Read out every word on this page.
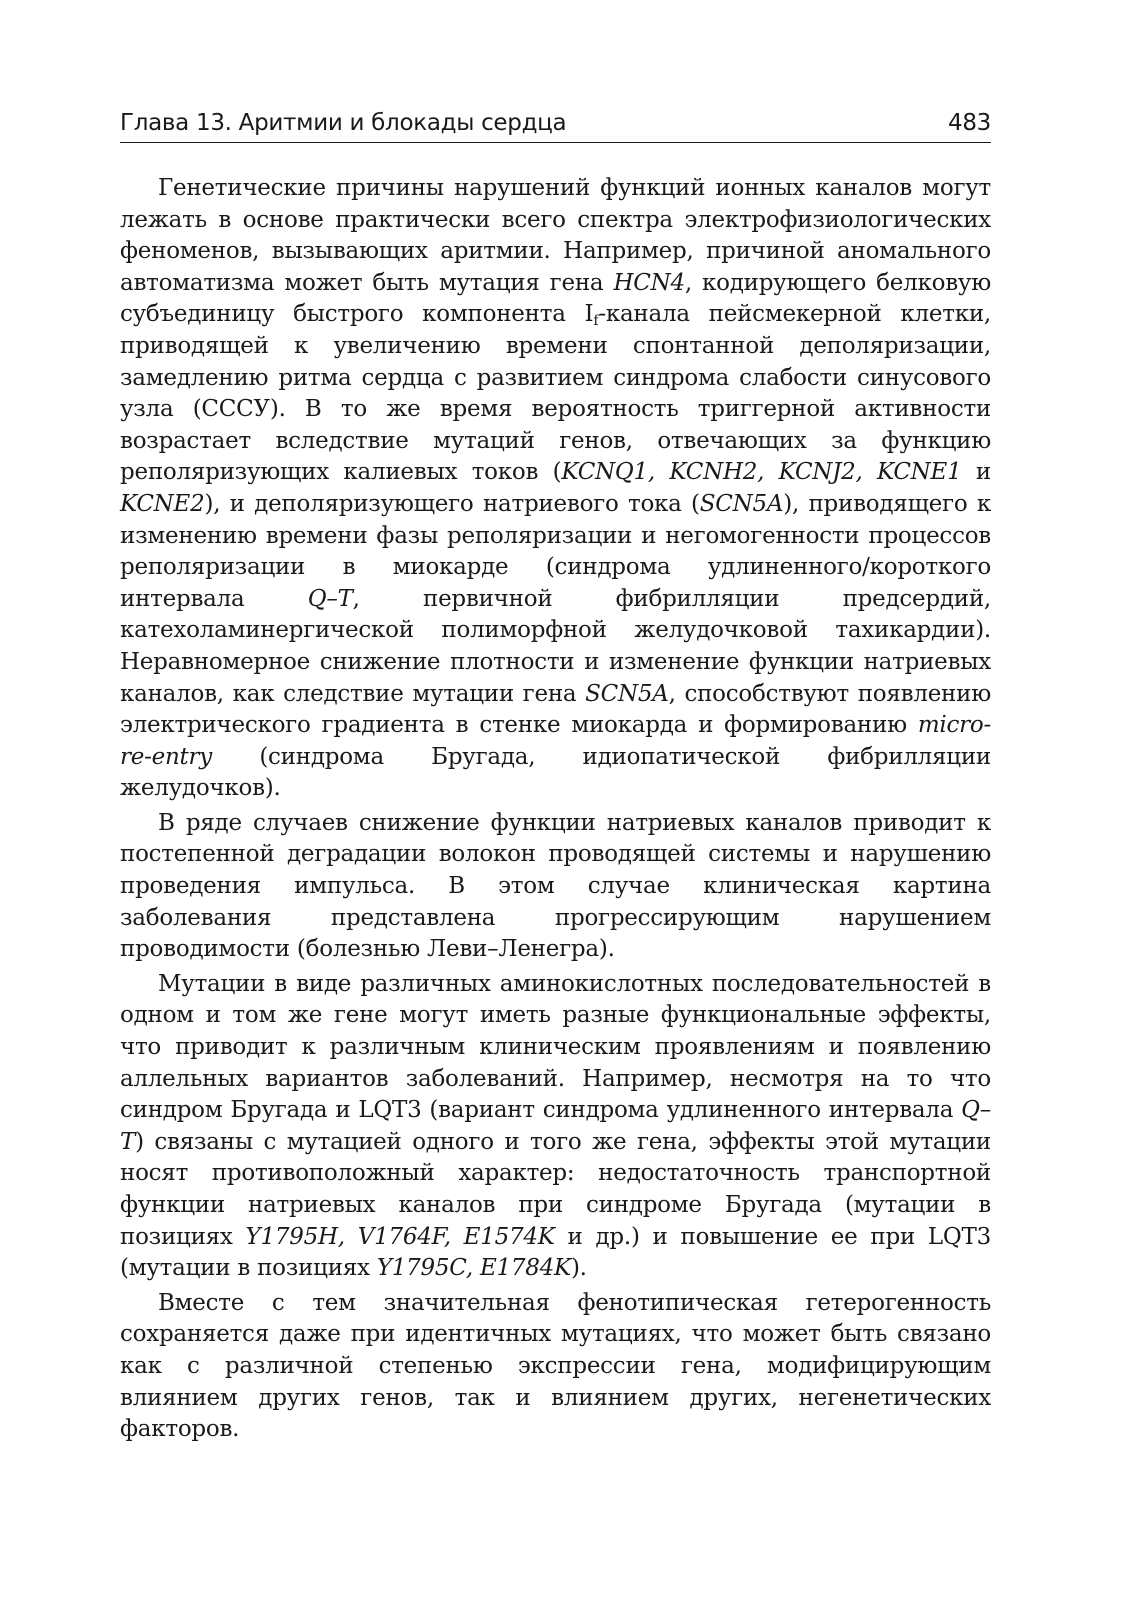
Глава 13. Аритмии и блокады сердца	483

Генетические причины нарушений функций ионных каналов могут лежать в основе практически всего спектра электрофизиологических феноменов, вызывающих аритмии. Например, причиной аномального автоматизма может быть мутация гена HCN4, кодирующего белковую субъединицу быстрого компонента $I_f$-канала пейсмекерной клетки, приводящей к увеличению времени спонтанной деполяризации, замедлению ритма сердца с развитием синдрома слабости синусового узла (СССУ). В то же время вероятность триггерной активности возрастает вследствие мутаций генов, отвечающих за функцию реполяризующих калиевых токов (KCNQ1, KCNH2, KCNJ2, KCNE1 и KCNE2), и деполяризующего натриевого тока (SCN5A), приводящего к изменению времени фазы реполяризации и негомогенности процессов реполяризации в миокарде (синдрома удлиненного/короткого интервала Q–T, первичной фибрилляции предсердий, катехоламинергической полиморфной желудочковой тахикардии). Неравномерное снижение плотности и изменение функции натриевых каналов, как следствие мутации гена SCN5A, способствуют появлению электрического градиента в стенке миокарда и формированию micro-re-entry (синдрома Бругада, идиопатической фибрилляции желудочков).

В ряде случаев снижение функции натриевых каналов приводит к постепенной деградации волокон проводящей системы и нарушению проведения импульса. В этом случае клиническая картина заболевания представлена прогрессирующим нарушением проводимости (болезнью Леви–Ленегра).

Мутации в виде различных аминокислотных последовательностей в одном и том же гене могут иметь разные функциональные эффекты, что приводит к различным клиническим проявлениям и появлению аллельных вариантов заболеваний. Например, несмотря на то что синдром Бругада и LQT3 (вариант синдрома удлиненного интервала Q–T) связаны с мутацией одного и того же гена, эффекты этой мутации носят противоположный характер: недостаточность транспортной функции натриевых каналов при синдроме Бругада (мутации в позициях Y1795H, V1764F, E1574K и др.) и повышение ее при LQT3 (мутации в позициях Y1795C, E1784K).

Вместе с тем значительная фенотипическая гетерогенность сохраняется даже при идентичных мутациях, что может быть связано как с различной степенью экспрессии гена, модифицирующим влиянием других генов, так и влиянием других, негенетических факторов.
